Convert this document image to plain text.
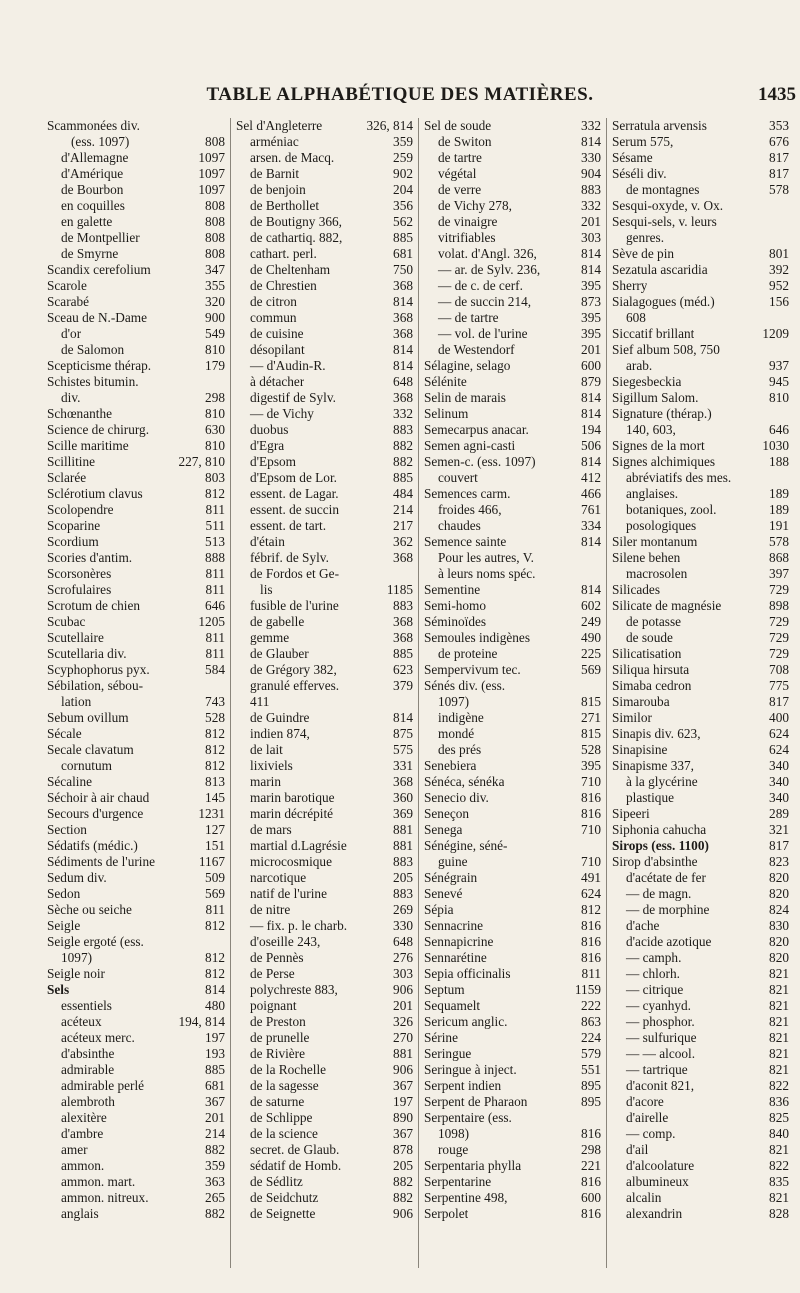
TABLE ALPHABÉTIQUE DES MATIÈRES.	1435
Scammonées div.
(ess. 1097)	808
d'Allemagne	1097
d'Amérique	1097
de Bourbon	1097
en coquilles	808
en galette	808
de Montpellier	808
de Smyrne	808
Scandix cerefolium	347
Scarole	355
Scarabé	320
Sceau de N.-Dame	900
d'or	549
de Salomon	810
Scepticisme thérap.	179
Schistes bitumin.
div.	298
Schœnanthe	810
Science de chirurg.	630
Scille maritime	810
Scillitine	227, 810
Sclarée	803
Sclérotium clavus	812
Scolopendre	811
Scoparine	511
Scordium	513
Scories d'antim.	888
Scorsonères	811
Scrofulaires	811
Scrotum de chien	646
Scubac	1205
Scutellaire	811
Scutellaria div.	811
Scyphophorus pyx.	584
Sébilation, sébou-
lation	743
Sebum ovillum	528
Sécale	812
Secale clavatum	812
cornutum	812
Sécaline	813
Séchoir à air chaud	145
Secours d'urgence	1231
Section	127
Sédatifs (médic.)	151
Sédiments de l'urine	1167
Sedum div.	509
Sedon	569
Sèche ou seiche	811
Seigle	812
Seigle ergoté (ess.
1097)	812
Seigle noir	812
Sels	814
essentiels	480
acéteux	194, 814
acéteux merc.	197
d'absinthe	193
admirable	885
admirable perlé	681
alembroth	367
alexitère	201
d'ambre	214
amer	882
ammon.	359
ammon. mart.	363
ammon. nitreux.	265
anglais	882
Sel d'Angleterre	326, 814
arméniac	359
arsen. de Macq.	259
de Barnit	902
de benjoin	204
de Berthollet	356
de Boutigny 366,	562
de cathartiq. 882,	885
cathart. perl.	681
de Cheltenham	750
de Chrestien	368
de citron	814
commun	368
de cuisine	368
désopilant	814
— d'Audin-R.	814
à détacher	648
digestif de Sylv.	368
— de Vichy	332
duobus	883
d'Egra	882
d'Epsom	882
d'Epsom de Lor.	885
essent. de Lagar.	484
essent. de succin	214
essent. de tart.	217
d'étain	362
fébrif. de Sylv.	368
de Fordos et Ge-
lis	1185
fusible de l'urine	883
de gabelle	368
gemme	368
de Glauber	885
de Grégory 382,	623
granulé efferves.	379
411
de Guindre	814
indien 874,	875
de lait	575
lixiviels	331
marin	368
marin barotique	360
marin décrépité	369
de mars	881
martial d.Lagrésie	881
microcosmique	883
narcotique	205
natif de l'urine	883
de nitre	269
— fix. p. le charb.	330
d'oseille 243,	648
de Pennès	276
de Perse	303
polychreste 883,	906
poignant	201
de Preston	326
de prunelle	270
de Rivière	881
de la Rochelle	906
de la sagesse	367
de saturne	197
de Schlippe	890
de la science	367
secret. de Glaub.	878
sédatif de Homb.	205
de Sédlitz	882
de Seidchutz	882
de Seignette	906
Sel de soude	332
de Switon	814
de tartre	330
végétal	904
de verre	883
de Vichy 278,	332
de vinaigre	201
vitrifiables	303
volat. d'Angl. 326,	814
— ar. de Sylv. 236,	814
— de c. de cerf.	395
— de succin 214,	873
— de tartre	395
— vol. de l'urine	395
de Westendorf	201
Sélagine, selago	600
Sélénite	879
Selin de marais	814
Selinum	814
Semecarpus anacar.	194
Semen agni-casti	506
Semen-c. (ess. 1097)	814
couvert	412
Semences carm.	466
froides 466,	761
chaudes	334
Semence sainte	814
Pour les autres, V.
à leurs noms spéc.
Sementine	814
Semi-homo	602
Séminoïdes	249
Semoules indigènes	490
de proteine	225
Sempervivum tec.	569
Sénés div. (ess.
1097)	815
indigène	271
mondé	815
des prés	528
Senebiera	395
Sénéca, sénéka	710
Senecio div.	816
Seneçon	816
Senega	710
Sénégine, séné-
guine	710
Sénégrain	491
Senevé	624
Sépia	812
Sennacrine	816
Sennapicrine	816
Sennarétine	816
Sepia officinalis	811
Septum	1159
Sequamelt	222
Sericum anglic.	863
Sérine	224
Seringue	579
Seringue à inject.	551
Serpent indien	895
Serpent de Pharaon	895
Serpentaire (ess.
1098)	816
rouge	298
Serpentaria phylla	221
Serpentarine	816
Serpentine 498,	600
Serpolet	816
Serratula arvensis	353
Serum 575,	676
Sésame	817
Séséli div.	817
de montagnes	578
Sesqui-oxyde, v. Ox.
Sesqui-sels, v. leurs
genres.
Sève de pin	801
Sezatula ascaridia	392
Sherry	952
Sialagogues (méd.)	156
608
Siccatif brillant	1209
Sief album 508, 750
arab.	937
Siegesbeckia	945
Sigillum Salom.	810
Signature (thérap.)
140, 603,	646
Signes de la mort	1030
Signes alchimiques	188
abréviatifs des mes.
anglaises.	189
botaniques, zool.	189
posologiques	191
Siler montanum	578
Silene behen	868
macrosolen	397
Silicades	729
Silicate de magnésie	898
de potasse	729
de soude	729
Silicatisation	729
Siliqua hirsuta	708
Simaba cedron	775
Simarouba	817
Similor	400
Sinapis div. 623,	624
Sinapisine	624
Sinapisme 337,	340
à la glycérine	340
plastique	340
Sipeeri	289
Siphonia cahucha	321
Sirops (ess. 1100)	817
Sirop d'absinthe	823
d'acétate de fer	820
— de magn.	820
— de morphine	824
d'ache	830
d'acide azotique	820
— camph.	820
— chlorh.	821
— citrique	821
— cyanhyd.	821
— phosphor.	821
— sulfurique	821
— — alcool.	821
— tartrique	821
d'aconit 821,	822
d'acore	836
d'airelle	825
— comp.	840
d'ail	821
d'alcoolature	822
albumineux	835
alcalin	821
alexandrin	828
